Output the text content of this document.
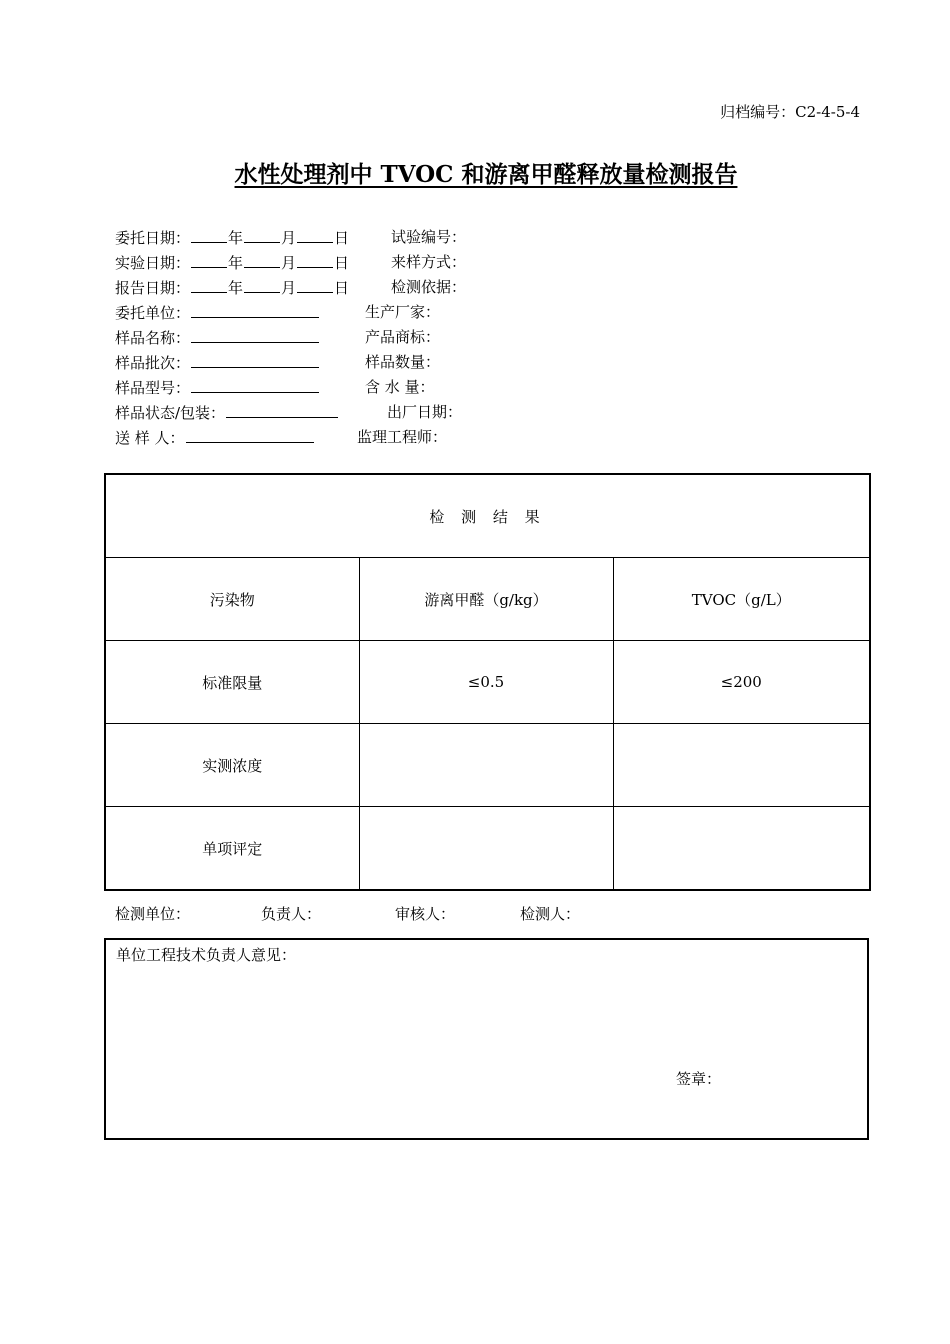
归档编号：C2-4-5-4
水性处理剂中 TVOC 和游离甲醛释放量检测报告
委托日期：	年	月	日	试验编号：
实验日期：	年	月	日	来样方式：
报告日期：	年	月	日	检测依据：
委托单位：	生产厂家：
样品名称：	产品商标：
样品批次：	样品数量：
样品型号：	含 水 量：
样品状态/包装：	出厂日期：
送 样 人：	监理工程师：
检 测 结 果		
污染物	游离甲醛（g/kg）	TVOC（g/L）
标准限量	≤0.5	≤200
实测浓度		
单项评定		
检测单位：	负责人：	审核人：	检测人：
单位工程技术负责人意见：
签章：
